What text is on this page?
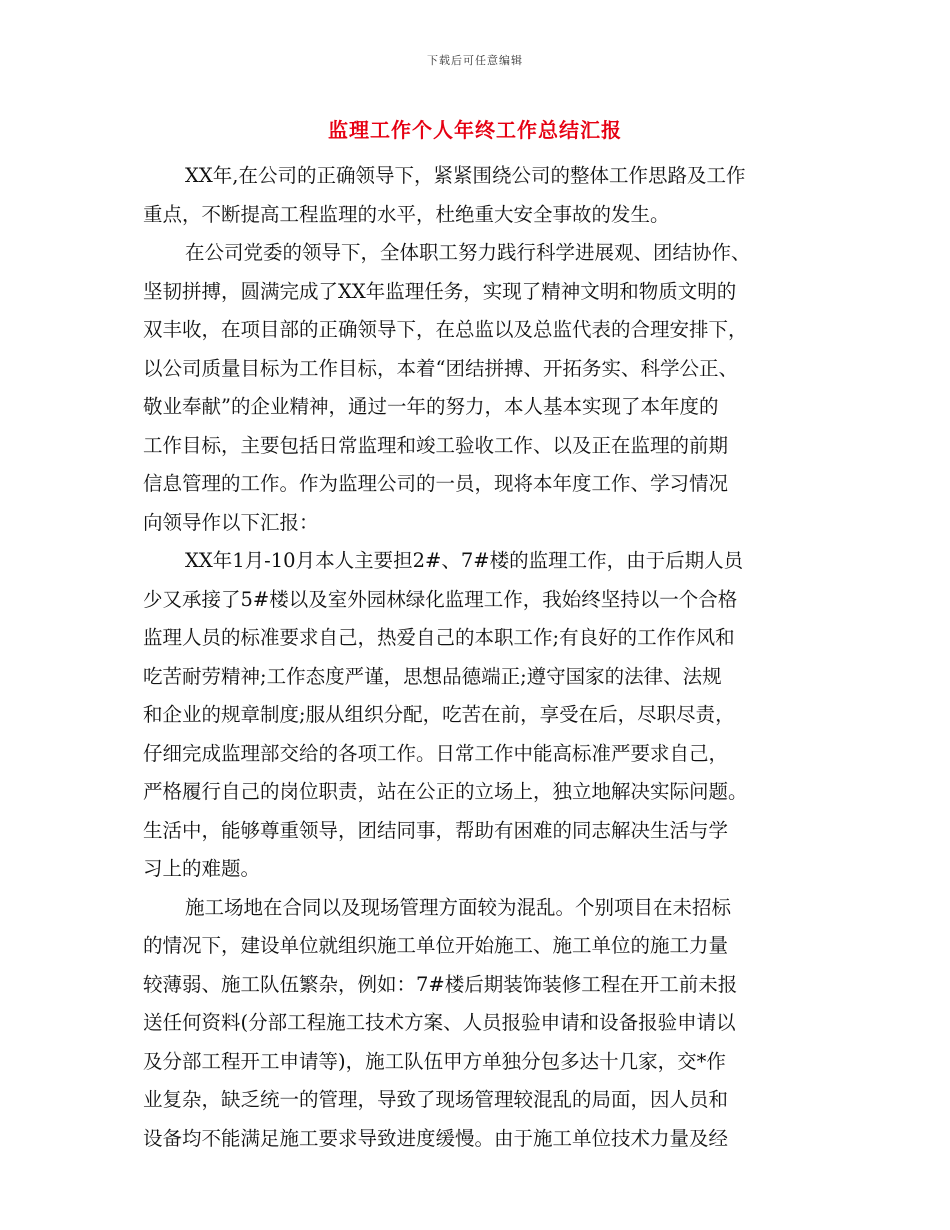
下载后可任意编辑
监理工作个人年终工作总结汇报
XX年,在公司的正确领导下，紧紧围绕公司的整体工作思路及工作
重点，不断提高工程监理的水平，杜绝重大安全事故的发生。
在公司党委的领导下，全体职工努力践行科学进展观、团结协作、
坚韧拼搏，圆满完成了XX年监理任务，实现了精神文明和物质文明的
双丰收，在项目部的正确领导下，在总监以及总监代表的合理安排下，
以公司质量目标为工作目标，本着“团结拼搏、开拓务实、科学公正、
敬业奉献”的企业精神，通过一年的努力，本人基本实现了本年度的
工作目标，主要包括日常监理和竣工验收工作、以及正在监理的前期
信息管理的工作。作为监理公司的一员，现将本年度工作、学习情况
向领导作以下汇报：
XX年1月-10月本人主要担2#、7#楼的监理工作，由于后期人员
少又承接了5#楼以及室外园林绿化监理工作，我始终坚持以一个合格
监理人员的标准要求自己，热爱自己的本职工作;有良好的工作作风和
吃苦耐劳精神;工作态度严谨，思想品德端正;遵守国家的法律、法规
和企业的规章制度;服从组织分配，吃苦在前，享受在后，尽职尽责，
仔细完成监理部交给的各项工作。日常工作中能高标准严要求自己，
严格履行自己的岗位职责，站在公正的立场上，独立地解决实际问题。
生活中，能够尊重领导，团结同事，帮助有困难的同志解决生活与学
习上的难题。
施工场地在合同以及现场管理方面较为混乱。个别项目在未招标
的情况下，建设单位就组织施工单位开始施工、施工单位的施工力量
较薄弱、施工队伍繁杂，例如：7#楼后期装饰装修工程在开工前未报
送任何资料(分部工程施工技术方案、人员报验申请和设备报验申请以
及分部工程开工申请等)，施工队伍甲方单独分包多达十几家，交*作
业复杂，缺乏统一的管理，导致了现场管理较混乱的局面，因人员和
设备均不能满足施工要求导致进度缓慢。由于施工单位技术力量及经
